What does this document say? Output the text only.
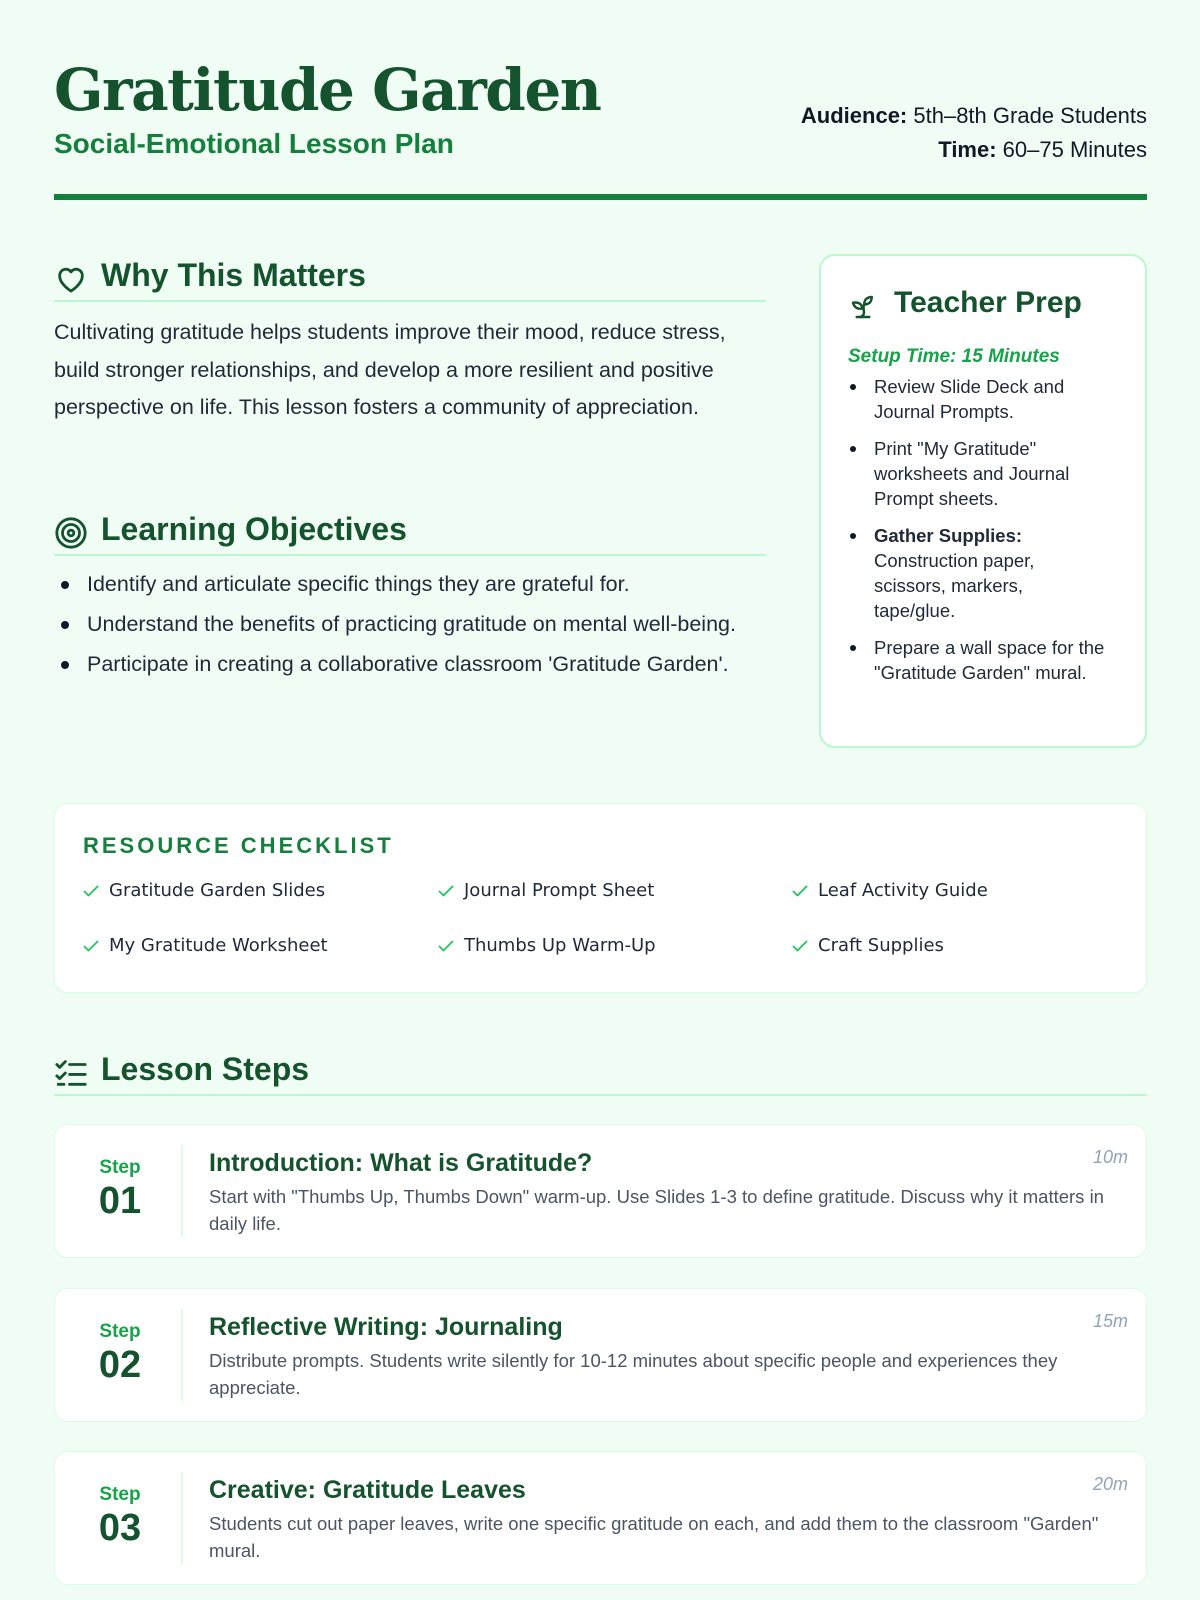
Gratitude Garden
Social-Emotional Lesson Plan
Audience: 5th–8th Grade Students
Time: 60–75 Minutes
Why This Matters

Cultivating gratitude helps students improve their mood, reduce stress, build stronger relationships, and develop a more resilient and positive perspective on life. This lesson fosters a community of appreciation.

Learning Objectives
Identify and articulate specific things they are grateful for.
Understand the benefits of practicing gratitude on mental well-being.
Participate in creating a collaborative classroom 'Gratitude Garden'.
Teacher Prep
Setup Time: 15 Minutes
Review Slide Deck and Journal Prompts.
Print "My Gratitude" worksheets and Journal Prompt sheets.
Gather Supplies: Construction paper, scissors, markers, tape/glue.
Prepare a wall space for the "Gratitude Garden" mural.
RESOURCE CHECKLIST
Gratitude Garden Slides	Journal Prompt Sheet	Leaf Activity Guide
My Gratitude Worksheet	Thumbs Up Warm-Up	Craft Supplies
Lesson Steps
Step
01
Introduction: What is Gratitude?
Start with "Thumbs Up, Thumbs Down" warm-up. Use Slides 1-3 to define gratitude. Discuss why it matters in daily life.
10m
Step
02
Reflective Writing: Journaling
Distribute prompts. Students write silently for 10-12 minutes about specific people and experiences they appreciate.
15m
Step
03
Creative: Gratitude Leaves
Students cut out paper leaves, write one specific gratitude on each, and add them to the classroom "Garden" mural.
20m
